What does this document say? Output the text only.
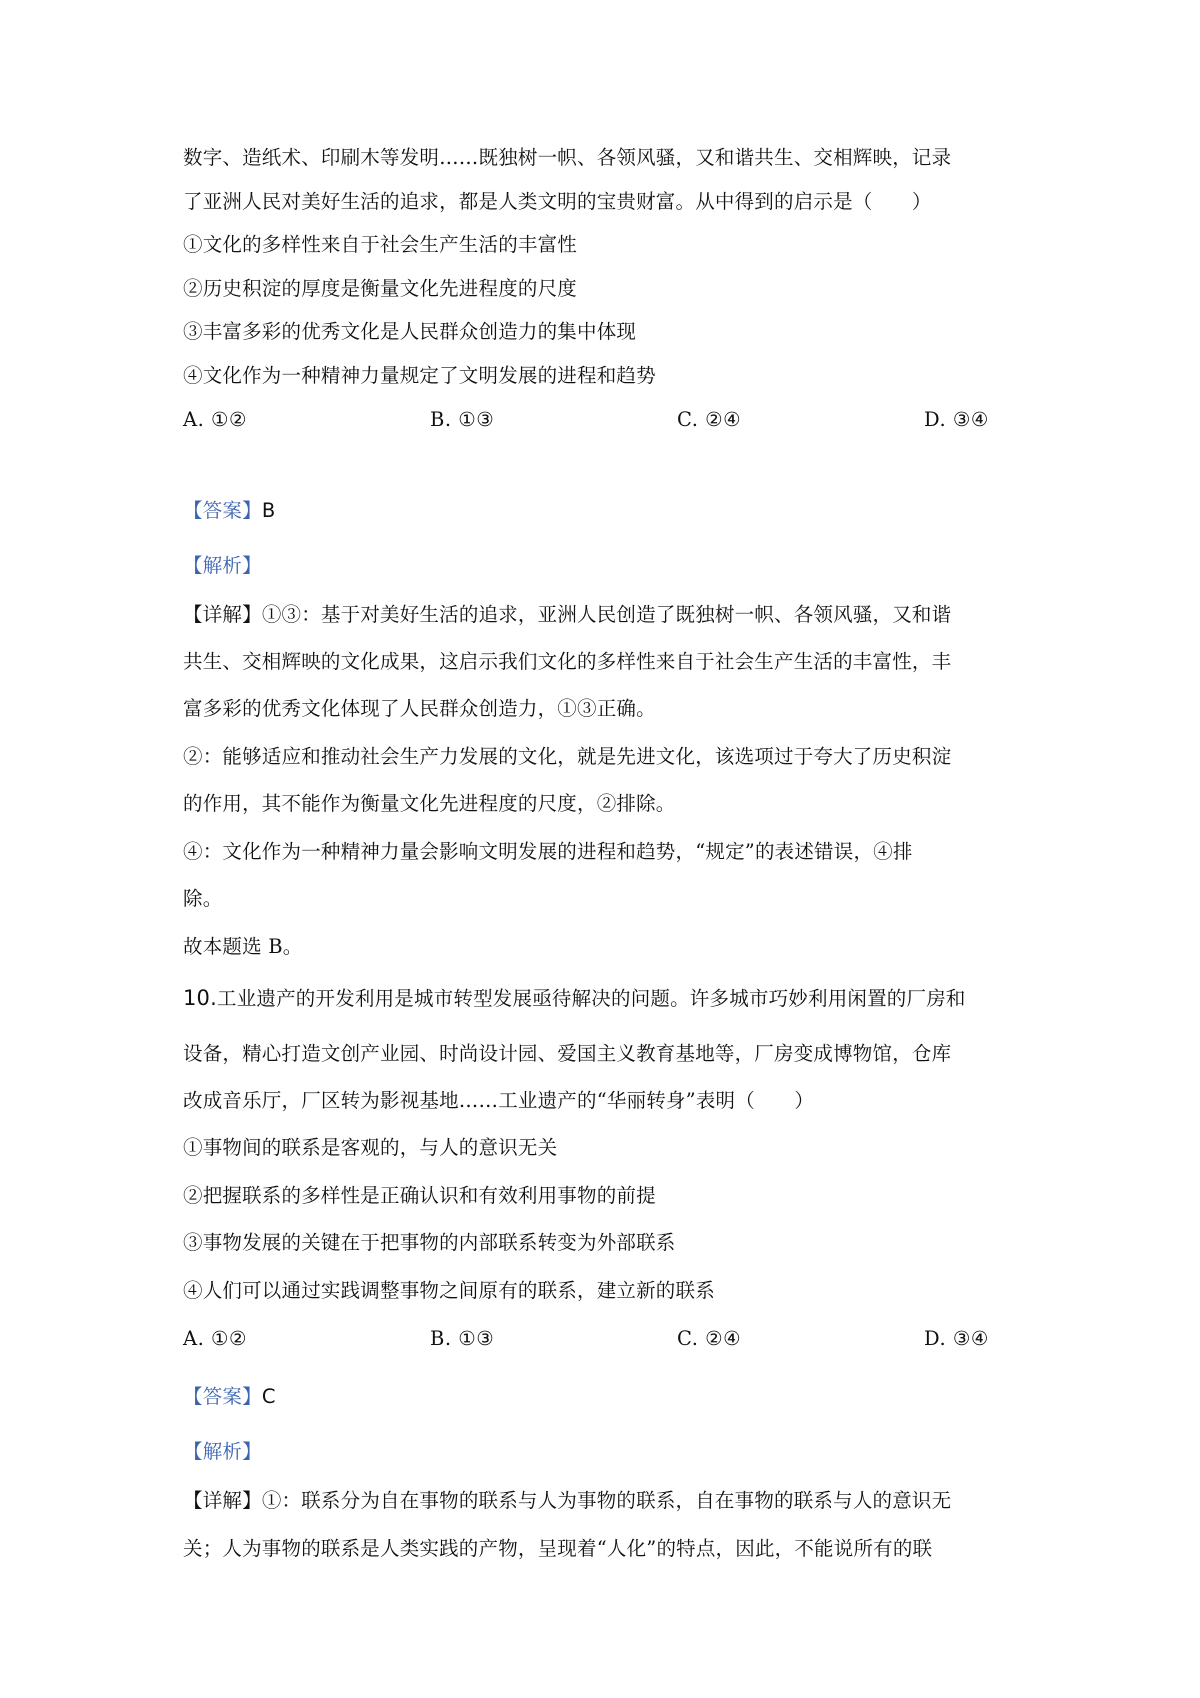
数字、造纸术、印刷木等发明……既独树一帜、各领风骚，又和谐共生、交相辉映，记录
了亚洲人民对美好生活的追求，都是人类文明的宝贵财富。从中得到的启示是（　　）
①文化的多样性来自于社会生产生活的丰富性
②历史积淀的厚度是衡量文化先进程度的尺度
③丰富多彩的优秀文化是人民群众创造力的集中体现
④文化作为一种精神力量规定了文明发展的进程和趋势
A. ①②	B. ①③	C. ②④	D. ③④
【答案】B
【解析】
【详解】①③：基于对美好生活的追求，亚洲人民创造了既独树一帜、各领风骚，又和谐
共生、交相辉映的文化成果，这启示我们文化的多样性来自于社会生产生活的丰富性，丰
富多彩的优秀文化体现了人民群众创造力，①③正确。
②：能够适应和推动社会生产力发展的文化，就是先进文化，该选项过于夸大了历史积淀
的作用，其不能作为衡量文化先进程度的尺度，②排除。
④：文化作为一种精神力量会影响文明发展的进程和趋势，“规定”的表述错误，④排
除。
故本题选 B。
10.工业遗产的开发利用是城市转型发展亟待解决的问题。许多城市巧妙利用闲置的厂房和
设备，精心打造文创产业园、时尚设计园、爱国主义教育基地等，厂房变成博物馆，仓库
改成音乐厅，厂区转为影视基地……工业遗产的“华丽转身”表明（　　）
①事物间的联系是客观的，与人的意识无关
②把握联系的多样性是正确认识和有效利用事物的前提
③事物发展的关键在于把事物的内部联系转变为外部联系
④人们可以通过实践调整事物之间原有的联系，建立新的联系
A. ①②	B. ①③	C. ②④	D. ③④
【答案】C
【解析】
【详解】①：联系分为自在事物的联系与人为事物的联系，自在事物的联系与人的意识无
关；人为事物的联系是人类实践的产物，呈现着“人化”的特点，因此，不能说所有的联
